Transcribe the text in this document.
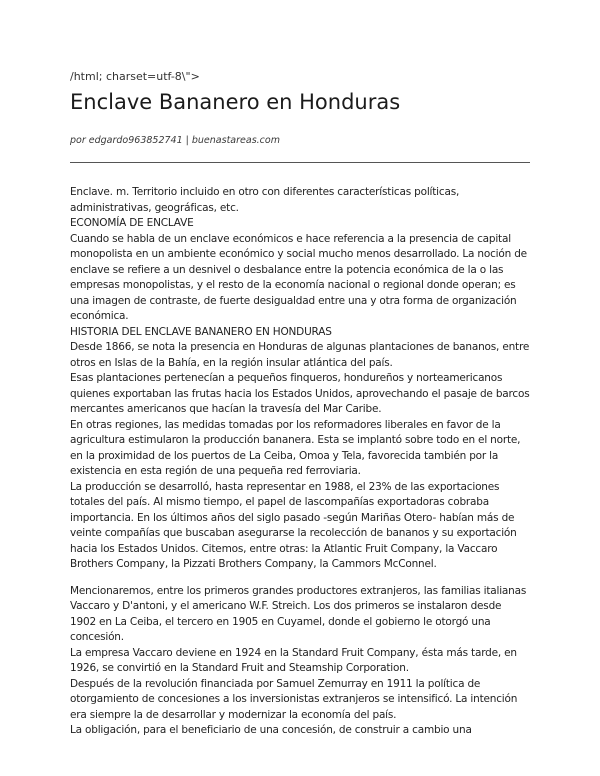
/html; charset=utf-8\">

Enclave Bananero en Honduras

por edgardo963852741 | buenastareas.com

Enclave. m. Territorio incluido en otro con diferentes características políticas, administrativas, geográficas, etc.

ECONOMÍA DE ENCLAVE

Cuando se habla de un enclave económicos e hace referencia a la presencia de capital monopolista en un ambiente económico y social mucho menos desarrollado. La noción de enclave se refiere a un desnivel o desbalance entre la potencia económica de la o las empresas monopolistas, y el resto de la economía nacional o regional donde operan; es una imagen de contraste, de fuerte desigualdad entre una y otra forma de organización económica.

HISTORIA DEL ENCLAVE BANANERO EN HONDURAS

Desde 1866, se nota la presencia en Honduras de algunas plantaciones de bananos, entre otros en Islas de la Bahía, en la región insular atlántica del país.

Esas plantaciones pertenecían a pequeños finqueros, hondureños y norteamericanos quienes exportaban las frutas hacia los Estados Unidos, aprovechando el pasaje de barcos mercantes americanos que hacían la travesía del Mar Caribe.

En otras regiones, las medidas tomadas por los reformadores liberales en favor de la agricultura estimularon la producción bananera. Esta se implantó sobre todo en el norte, en la proximidad de los puertos de La Ceiba, Omoa y Tela, favorecida también por la existencia en esta región de una pequeña red ferroviaria.

La producción se desarrolló, hasta representar en 1988, el 23% de las exportaciones totales del país. Al mismo tiempo, el papel de lascompañías exportadoras cobraba importancia. En los últimos años del siglo pasado -según Mariñas Otero- habían más de veinte compañías que buscaban asegurarse la recolección de bananos y su exportación hacia los Estados Unidos. Citemos, entre otras: la Atlantic Fruit Company, la Vaccaro Brothers Company, la Pizzati Brothers Company, la Cammors McConnel.

Mencionaremos, entre los primeros grandes productores extranjeros, las familias italianas Vaccaro y D'antoni, y el americano W.F. Streich. Los dos primeros se instalaron desde 1902 en La Ceiba, el tercero en 1905 en Cuyamel, donde el gobierno le otorgó una concesión.

La empresa Vaccaro deviene en 1924 en la Standard Fruit Company, ésta más tarde, en 1926, se convirtió en la Standard Fruit and Steamship Corporation.

Después de la revolución financiada por Samuel Zemurray en 1911 la política de otorgamiento de concesiones a los inversionistas extranjeros se intensificó. La intención era siempre la de desarrollar y modernizar la economía del país.

La obligación, para el beneficiario de una concesión, de construir a cambio una
